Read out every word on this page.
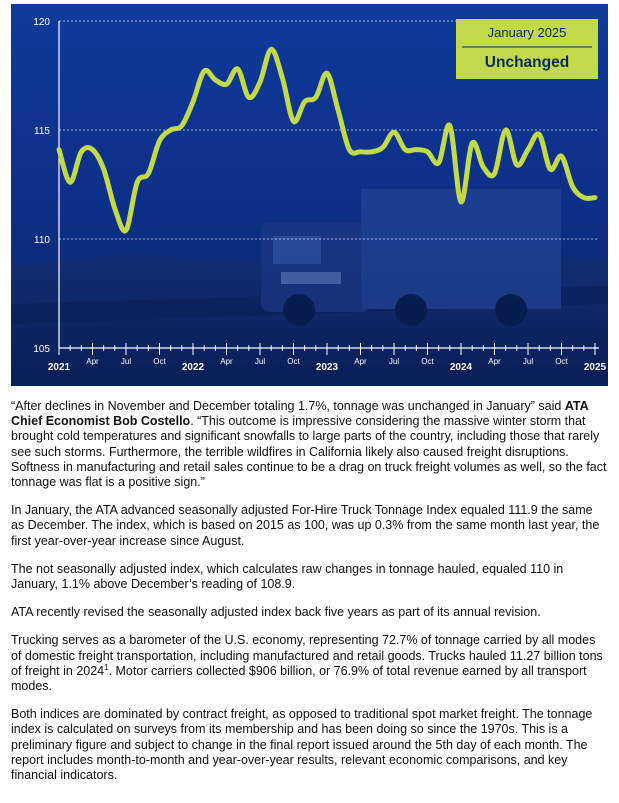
105
110
115
120
2021
Apr	Jul	Oct
2022
Apr	Jul	Oct
2023
Apr	Jul	Oct
2024
Apr	Jul	Oct
2025
January 2025
Unchanged

“After declines in November and December totaling 1.7%, tonnage was unchanged in January” said ATA Chief Economist Bob Costello. “This outcome is impressive considering the massive winter storm that brought cold temperatures and significant snowfalls to large parts of the country, including those that rarely see such storms. Furthermore, the terrible wildfires in California likely also caused freight disruptions. Softness in manufacturing and retail sales continue to be a drag on truck freight volumes as well, so the fact tonnage was flat is a positive sign.”

In January, the ATA advanced seasonally adjusted For-Hire Truck Tonnage Index equaled 111.9 the same as December. The index, which is based on 2015 as 100, was up 0.3% from the same month last year, the first year-over-year increase since August.

The not seasonally adjusted index, which calculates raw changes in tonnage hauled, equaled 110 in January, 1.1% above December’s reading of 108.9.

ATA recently revised the seasonally adjusted index back five years as part of its annual revision.

Trucking serves as a barometer of the U.S. economy, representing 72.7% of tonnage carried by all modes of domestic freight transportation, including manufactured and retail goods. Trucks hauled 11.27 billion tons of freight in 2024$^1$. Motor carriers collected $906 billion, or 76.9% of total revenue earned by all transport modes.

Both indices are dominated by contract freight, as opposed to traditional spot market freight. The tonnage index is calculated on surveys from its membership and has been doing so since the 1970s. This is a preliminary figure and subject to change in the final report issued around the 5th day of each month. The report includes month-to-month and year-over-year results, relevant economic comparisons, and key financial indicators.
